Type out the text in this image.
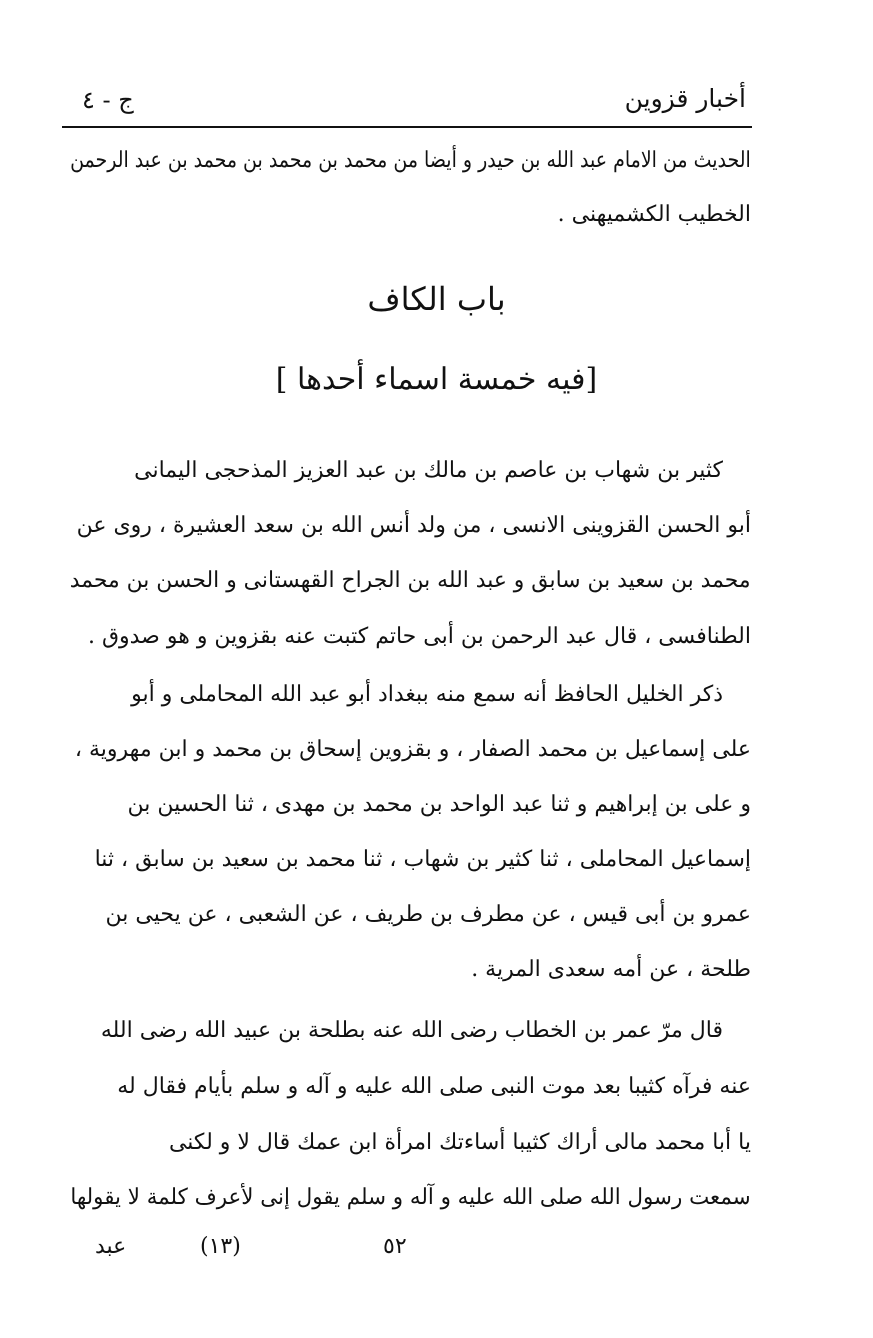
أخبار قزوين
ج - ٤
الحديث من الامام عبد الله بن حيدر و أيضا من محمد بن محمد بن محمد بن عبد الرحمن
الخطيب الكشميهنى .
باب الكاف
[فيه خمسة اسماء أحدها ]
كثير بن شهاب بن عاصم بن مالك بن عبد العزيز المذحجى اليمانى
أبو الحسن القزوينى الانسى ، من ولد أنس الله بن سعد العشيرة ، روى عن
محمد بن سعيد بن سابق و عبد الله بن الجراح القهستانى و الحسن بن محمد
الطنافسى ، قال عبد الرحمن بن أبى حاتم كتبت عنه بقزوين و هو صدوق .
ذكر الخليل الحافظ أنه سمع منه ببغداد أبو عبد الله المحاملى و أبو
على إسماعيل بن محمد الصفار ، و بقزوين إسحاق بن محمد و ابن مهروية ،
و على بن إبراهيم و ثنا عبد الواحد بن محمد بن مهدى ، ثنا الحسين بن
إسماعيل المحاملى ، ثنا كثير بن شهاب ، ثنا محمد بن سعيد بن سابق ، ثنا
عمرو بن أبى قيس ، عن مطرف بن طريف ، عن الشعبى ، عن يحيى بن
طلحة ، عن أمه سعدى المرية .
قال مرّ عمر بن الخطاب رضى الله عنه بطلحة بن عبيد الله رضى الله
عنه فرآه كثيبا بعد موت النبى صلى الله عليه و آله و سلم بأيام فقال له
يا أبا محمد مالى أراك كثيبا أساءتك امرأة ابن عمك قال لا و لكنى
سمعت رسول الله صلى الله عليه و آله و سلم يقول إنى لأعرف كلمة لا يقولها
عبد	(١٣)	٥٢
